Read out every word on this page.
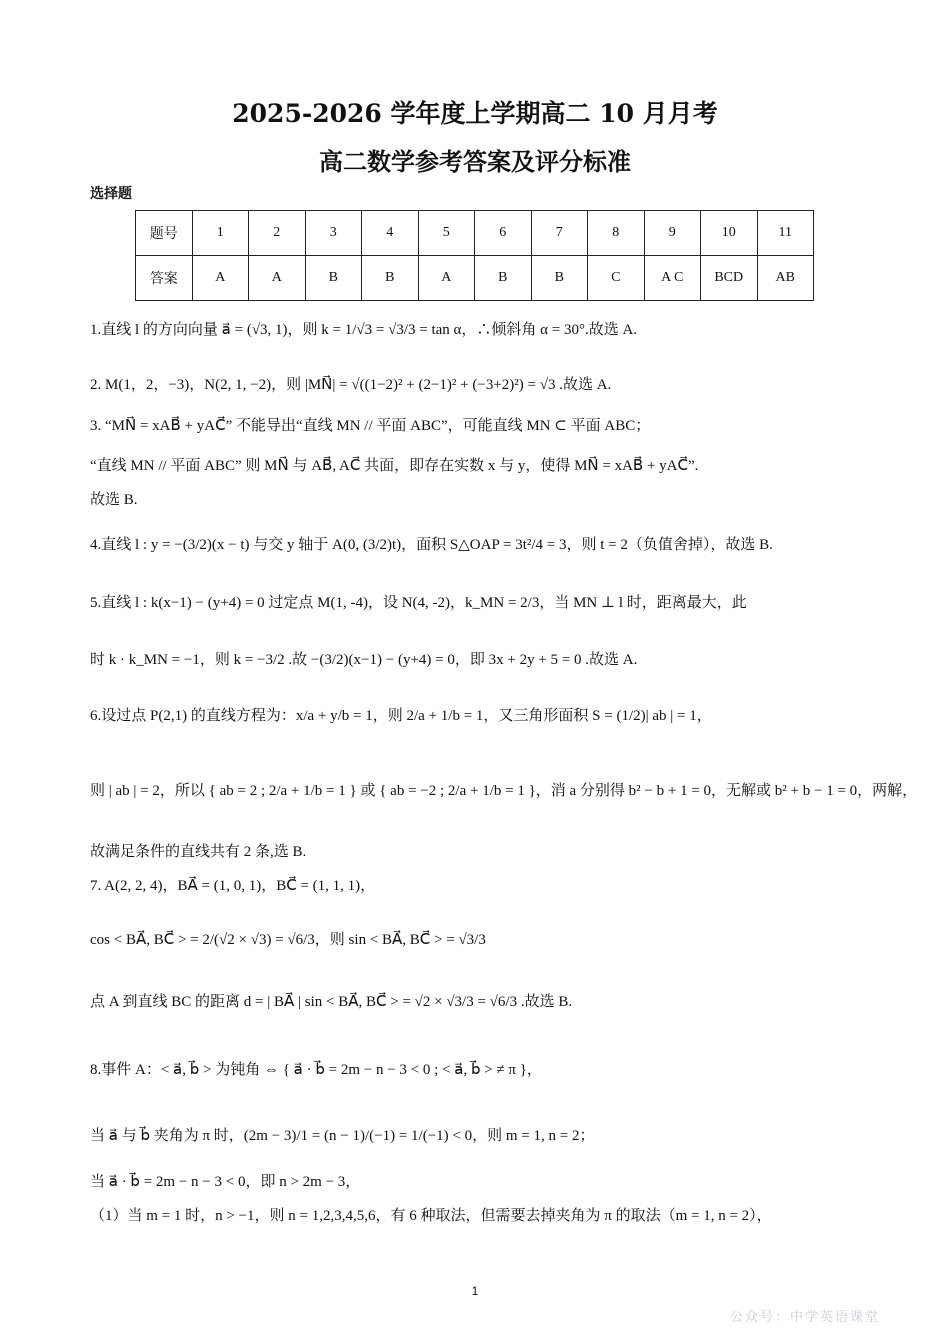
2025-2026 学年度上学期高二 10 月月考
高二数学参考答案及评分标准
选择题
题号	1	2	3	4	5	6	7	8	9	10	11
答案	A	A	B	B	A	B	B	C	A C	BCD	AB
1.直线 l 的方向向量 a⃗ = (√3, 1)，则 k = 1/√3 = √3/3 = tan α，∴倾斜角 α = 30°.故选 A.
2. M(1，2，−3)，N(2, 1, −2)，则 |MN⃗| = √((1−2)² + (2−1)² + (−3+2)²) = √3 .故选 A.
3. “MN⃗ = xAB⃗ + yAC⃗” 不能导出“直线 MN // 平面 ABC”，可能直线 MN ⊂ 平面 ABC；
“直线 MN // 平面 ABC” 则 MN⃗ 与 AB⃗, AC⃗ 共面，即存在实数 x 与 y，使得 MN⃗ = xAB⃗ + yAC⃗”.
故选 B.
4.直线 l : y = −(3/2)(x − t) 与交 y 轴于 A(0, (3/2)t)，面积 S△OAP = 3t²/4 = 3，则 t = 2（负值舍掉），故选 B.
5.直线 l : k(x−1) − (y+4) = 0 过定点 M(1, -4)，设 N(4, -2)，k_MN = 2/3，当 MN ⊥ l 时，距离最大，此
时 k · k_MN = −1，则 k = −3/2 .故 −(3/2)(x−1) − (y+4) = 0，即 3x + 2y + 5 = 0 .故选 A.
6.设过点 P(2,1) 的直线方程为：x/a + y/b = 1，则 2/a + 1/b = 1，又三角形面积 S = (1/2)| ab | = 1，
则 | ab | = 2，所以 { ab = 2 ; 2/a + 1/b = 1 } 或 { ab = −2 ; 2/a + 1/b = 1 }，消 a 分别得 b² − b + 1 = 0，无解或 b² + b − 1 = 0，两解，
故满足条件的直线共有 2 条,选 B.
7. A(2, 2, 4)，BA⃗ = (1, 0, 1)，BC⃗ = (1, 1, 1)，
cos < BA⃗, BC⃗ > = 2/(√2 × √3) = √6/3，则 sin < BA⃗, BC⃗ > = √3/3
点 A 到直线 BC 的距离 d = | BA⃗ | sin < BA⃗, BC⃗ > = √2 × √3/3 = √6/3 .故选 B.
8.事件 A：< a⃗, b⃗ > 为钝角 ⇔ { a⃗ · b⃗ = 2m − n − 3 < 0 ; < a⃗, b⃗ > ≠ π }，
当 a⃗ 与 b⃗ 夹角为 π 时，(2m − 3)/1 = (n − 1)/(−1) = 1/(−1) < 0，则 m = 1, n = 2；
当 a⃗ · b⃗ = 2m − n − 3 < 0，即 n > 2m − 3，
（1）当 m = 1 时，n > −1，则 n = 1,2,3,4,5,6，有 6 种取法，但需要去掉夹角为 π 的取法（m = 1, n = 2），
1
公众号：中学英语课堂
